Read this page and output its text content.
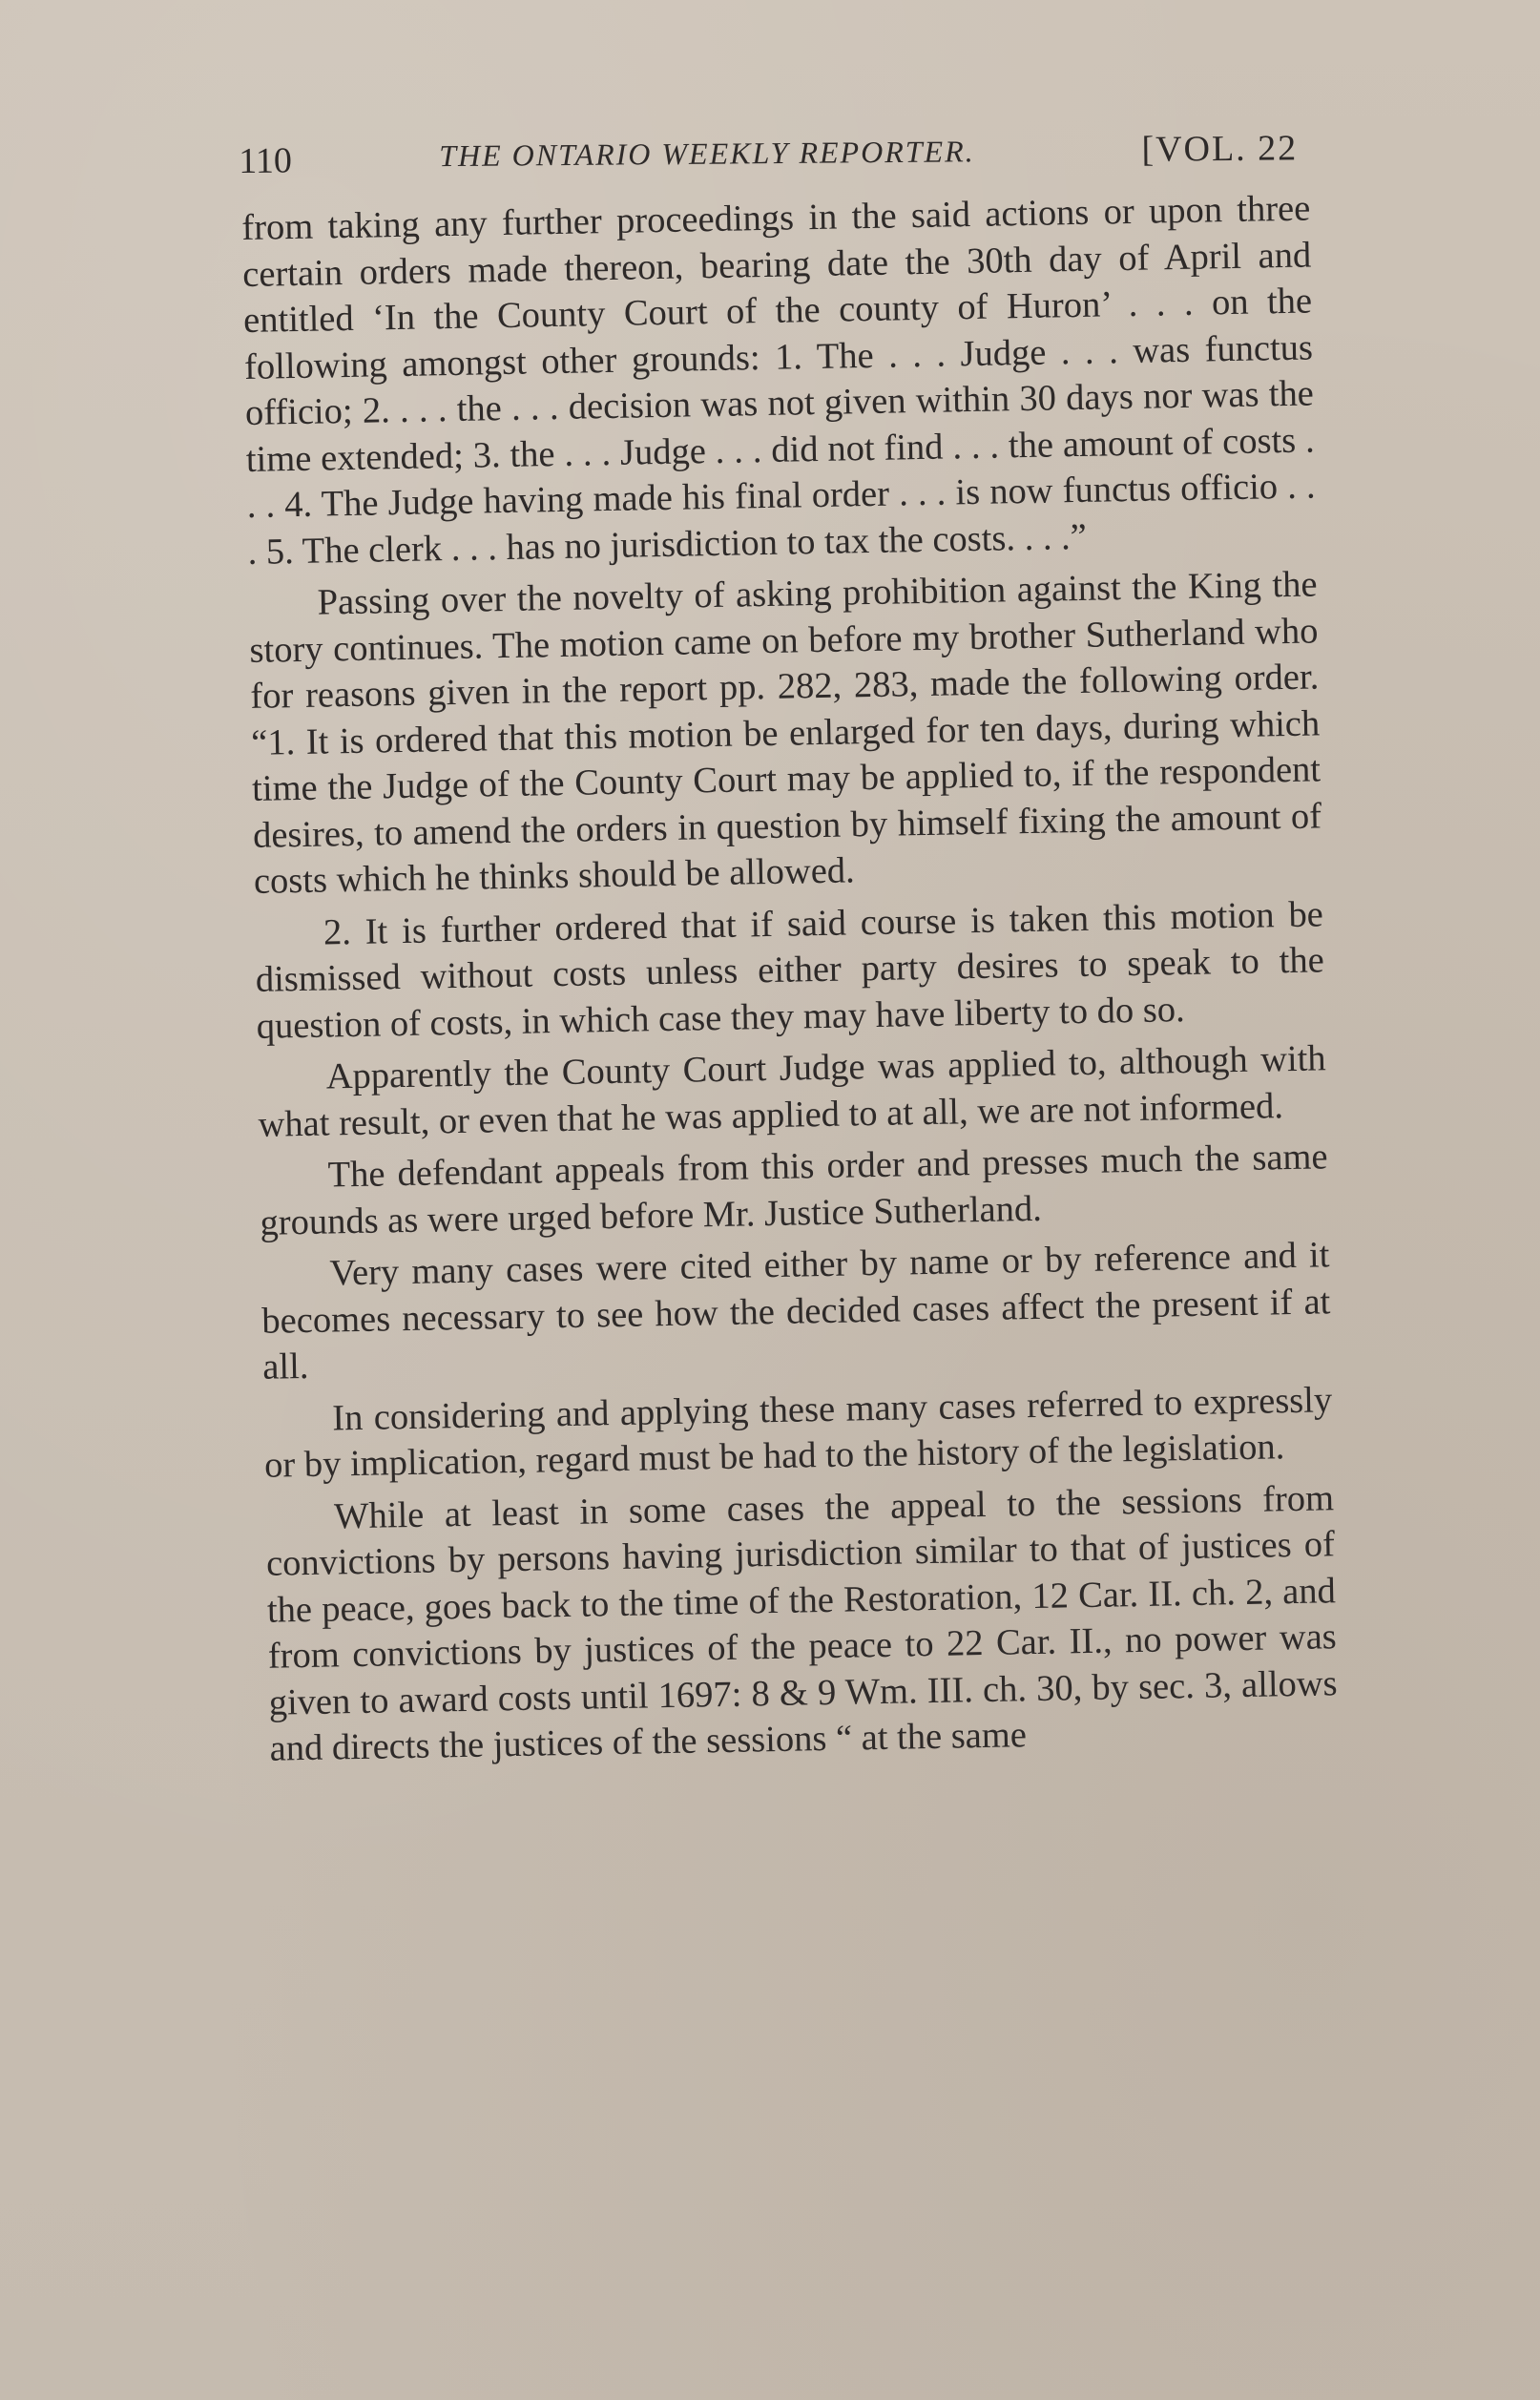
110	THE ONTARIO WEEKLY REPORTER.	[VOL. 22

from taking any further proceedings in the said actions or upon three certain orders made thereon, bearing date the 30th day of April and entitled ‘In the County Court of the county of Huron’ . . . on the following amongst other grounds: 1. The . . . Judge . . . was functus officio; 2. . . . the . . . decision was not given within 30 days nor was the time extended; 3. the . . . Judge . . . did not find . . . the amount of costs . . . 4. The Judge having made his final order . . . is now functus officio . . . 5. The clerk . . . has no jurisdiction to tax the costs. . . .”

Passing over the novelty of asking prohibition against the King the story continues. The motion came on before my brother Sutherland who for reasons given in the report pp. 282, 283, made the following order. “1. It is ordered that this motion be enlarged for ten days, during which time the Judge of the County Court may be applied to, if the respondent desires, to amend the orders in question by himself fixing the amount of costs which he thinks should be allowed.

2. It is further ordered that if said course is taken this motion be dismissed without costs unless either party desires to speak to the question of costs, in which case they may have liberty to do so.

Apparently the County Court Judge was applied to, although with what result, or even that he was applied to at all, we are not informed.

The defendant appeals from this order and presses much the same grounds as were urged before Mr. Justice Sutherland.

Very many cases were cited either by name or by reference and it becomes necessary to see how the decided cases affect the present if at all.

In considering and applying these many cases referred to expressly or by implication, regard must be had to the history of the legislation.

While at least in some cases the appeal to the sessions from convictions by persons having jurisdiction similar to that of justices of the peace, goes back to the time of the Restoration, 12 Car. II. ch. 2, and from convictions by justices of the peace to 22 Car. II., no power was given to award costs until 1697: 8 & 9 Wm. III. ch. 30, by sec. 3, allows and directs the justices of the sessions “ at the same
